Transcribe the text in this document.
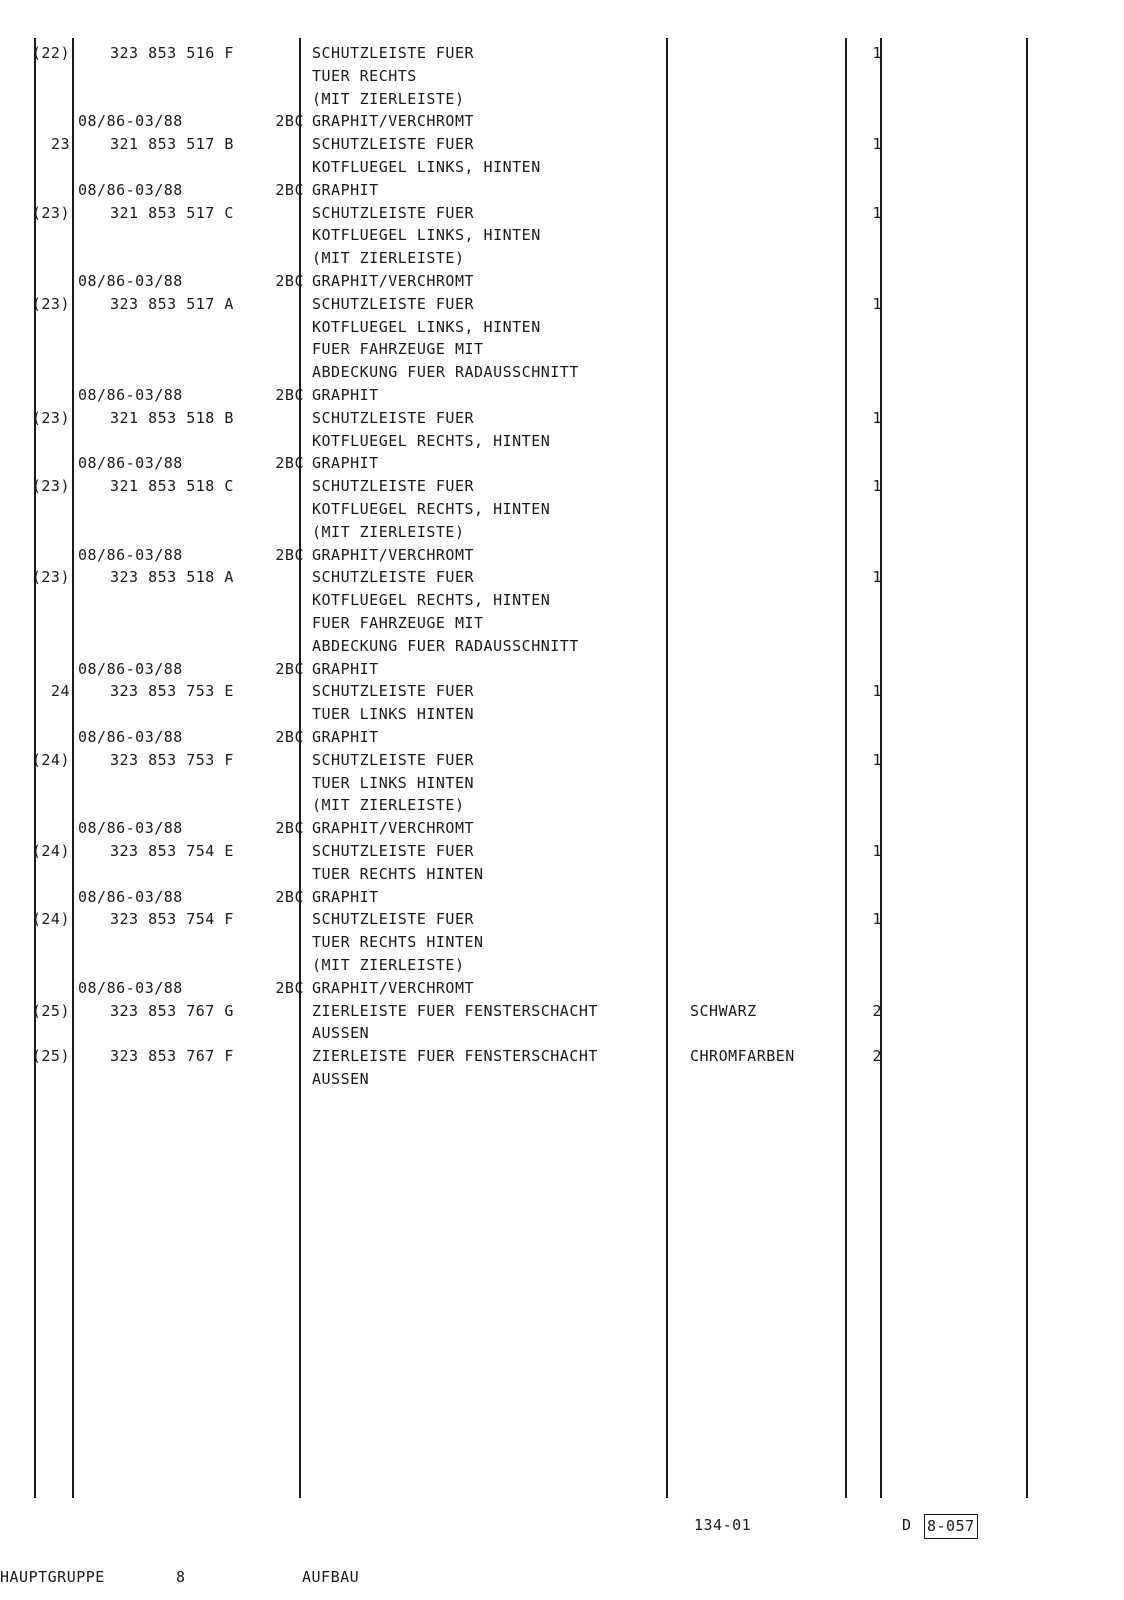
(22)	323 853 516 F	SCHUTZLEISTE FUER	1
TUER RECHTS
(MIT ZIERLEISTE)
08/86-03/88	2BC GRAPHIT/VERCHROMT
23	321 853 517 B	SCHUTZLEISTE FUER	1
KOTFLUEGEL LINKS, HINTEN
08/86-03/88	2BC GRAPHIT
(23)	321 853 517 C	SCHUTZLEISTE FUER	1
KOTFLUEGEL LINKS, HINTEN
(MIT ZIERLEISTE)
08/86-03/88	2BC GRAPHIT/VERCHROMT
(23)	323 853 517 A	SCHUTZLEISTE FUER	1
KOTFLUEGEL LINKS, HINTEN
FUER FAHRZEUGE MIT
ABDECKUNG FUER RADAUSSCHNITT
08/86-03/88	2BC GRAPHIT
(23)	321 853 518 B	SCHUTZLEISTE FUER	1
KOTFLUEGEL RECHTS, HINTEN
08/86-03/88	2BC GRAPHIT
(23)	321 853 518 C	SCHUTZLEISTE FUER	1
KOTFLUEGEL RECHTS, HINTEN
(MIT ZIERLEISTE)
08/86-03/88	2BC GRAPHIT/VERCHROMT
(23)	323 853 518 A	SCHUTZLEISTE FUER	1
KOTFLUEGEL RECHTS, HINTEN
FUER FAHRZEUGE MIT
ABDECKUNG FUER RADAUSSCHNITT
08/86-03/88	2BC GRAPHIT
24	323 853 753 E	SCHUTZLEISTE FUER	1
TUER LINKS HINTEN
08/86-03/88	2BC GRAPHIT
(24)	323 853 753 F	SCHUTZLEISTE FUER	1
TUER LINKS HINTEN
(MIT ZIERLEISTE)
08/86-03/88	2BC GRAPHIT/VERCHROMT
(24)	323 853 754 E	SCHUTZLEISTE FUER	1
TUER RECHTS HINTEN
08/86-03/88	2BC GRAPHIT
(24)	323 853 754 F	SCHUTZLEISTE FUER	1
TUER RECHTS HINTEN
(MIT ZIERLEISTE)
08/86-03/88	2BC GRAPHIT/VERCHROMT
(25)	323 853 767 G	ZIERLEISTE FUER FENSTERSCHACHT	SCHWARZ	2
AUSSEN
(25)	323 853 767 F	ZIERLEISTE FUER FENSTERSCHACHT	CHROMFARBEN	2
AUSSEN
134-01	D 8-057
HAUPTGRUPPE	8	AUFBAU
